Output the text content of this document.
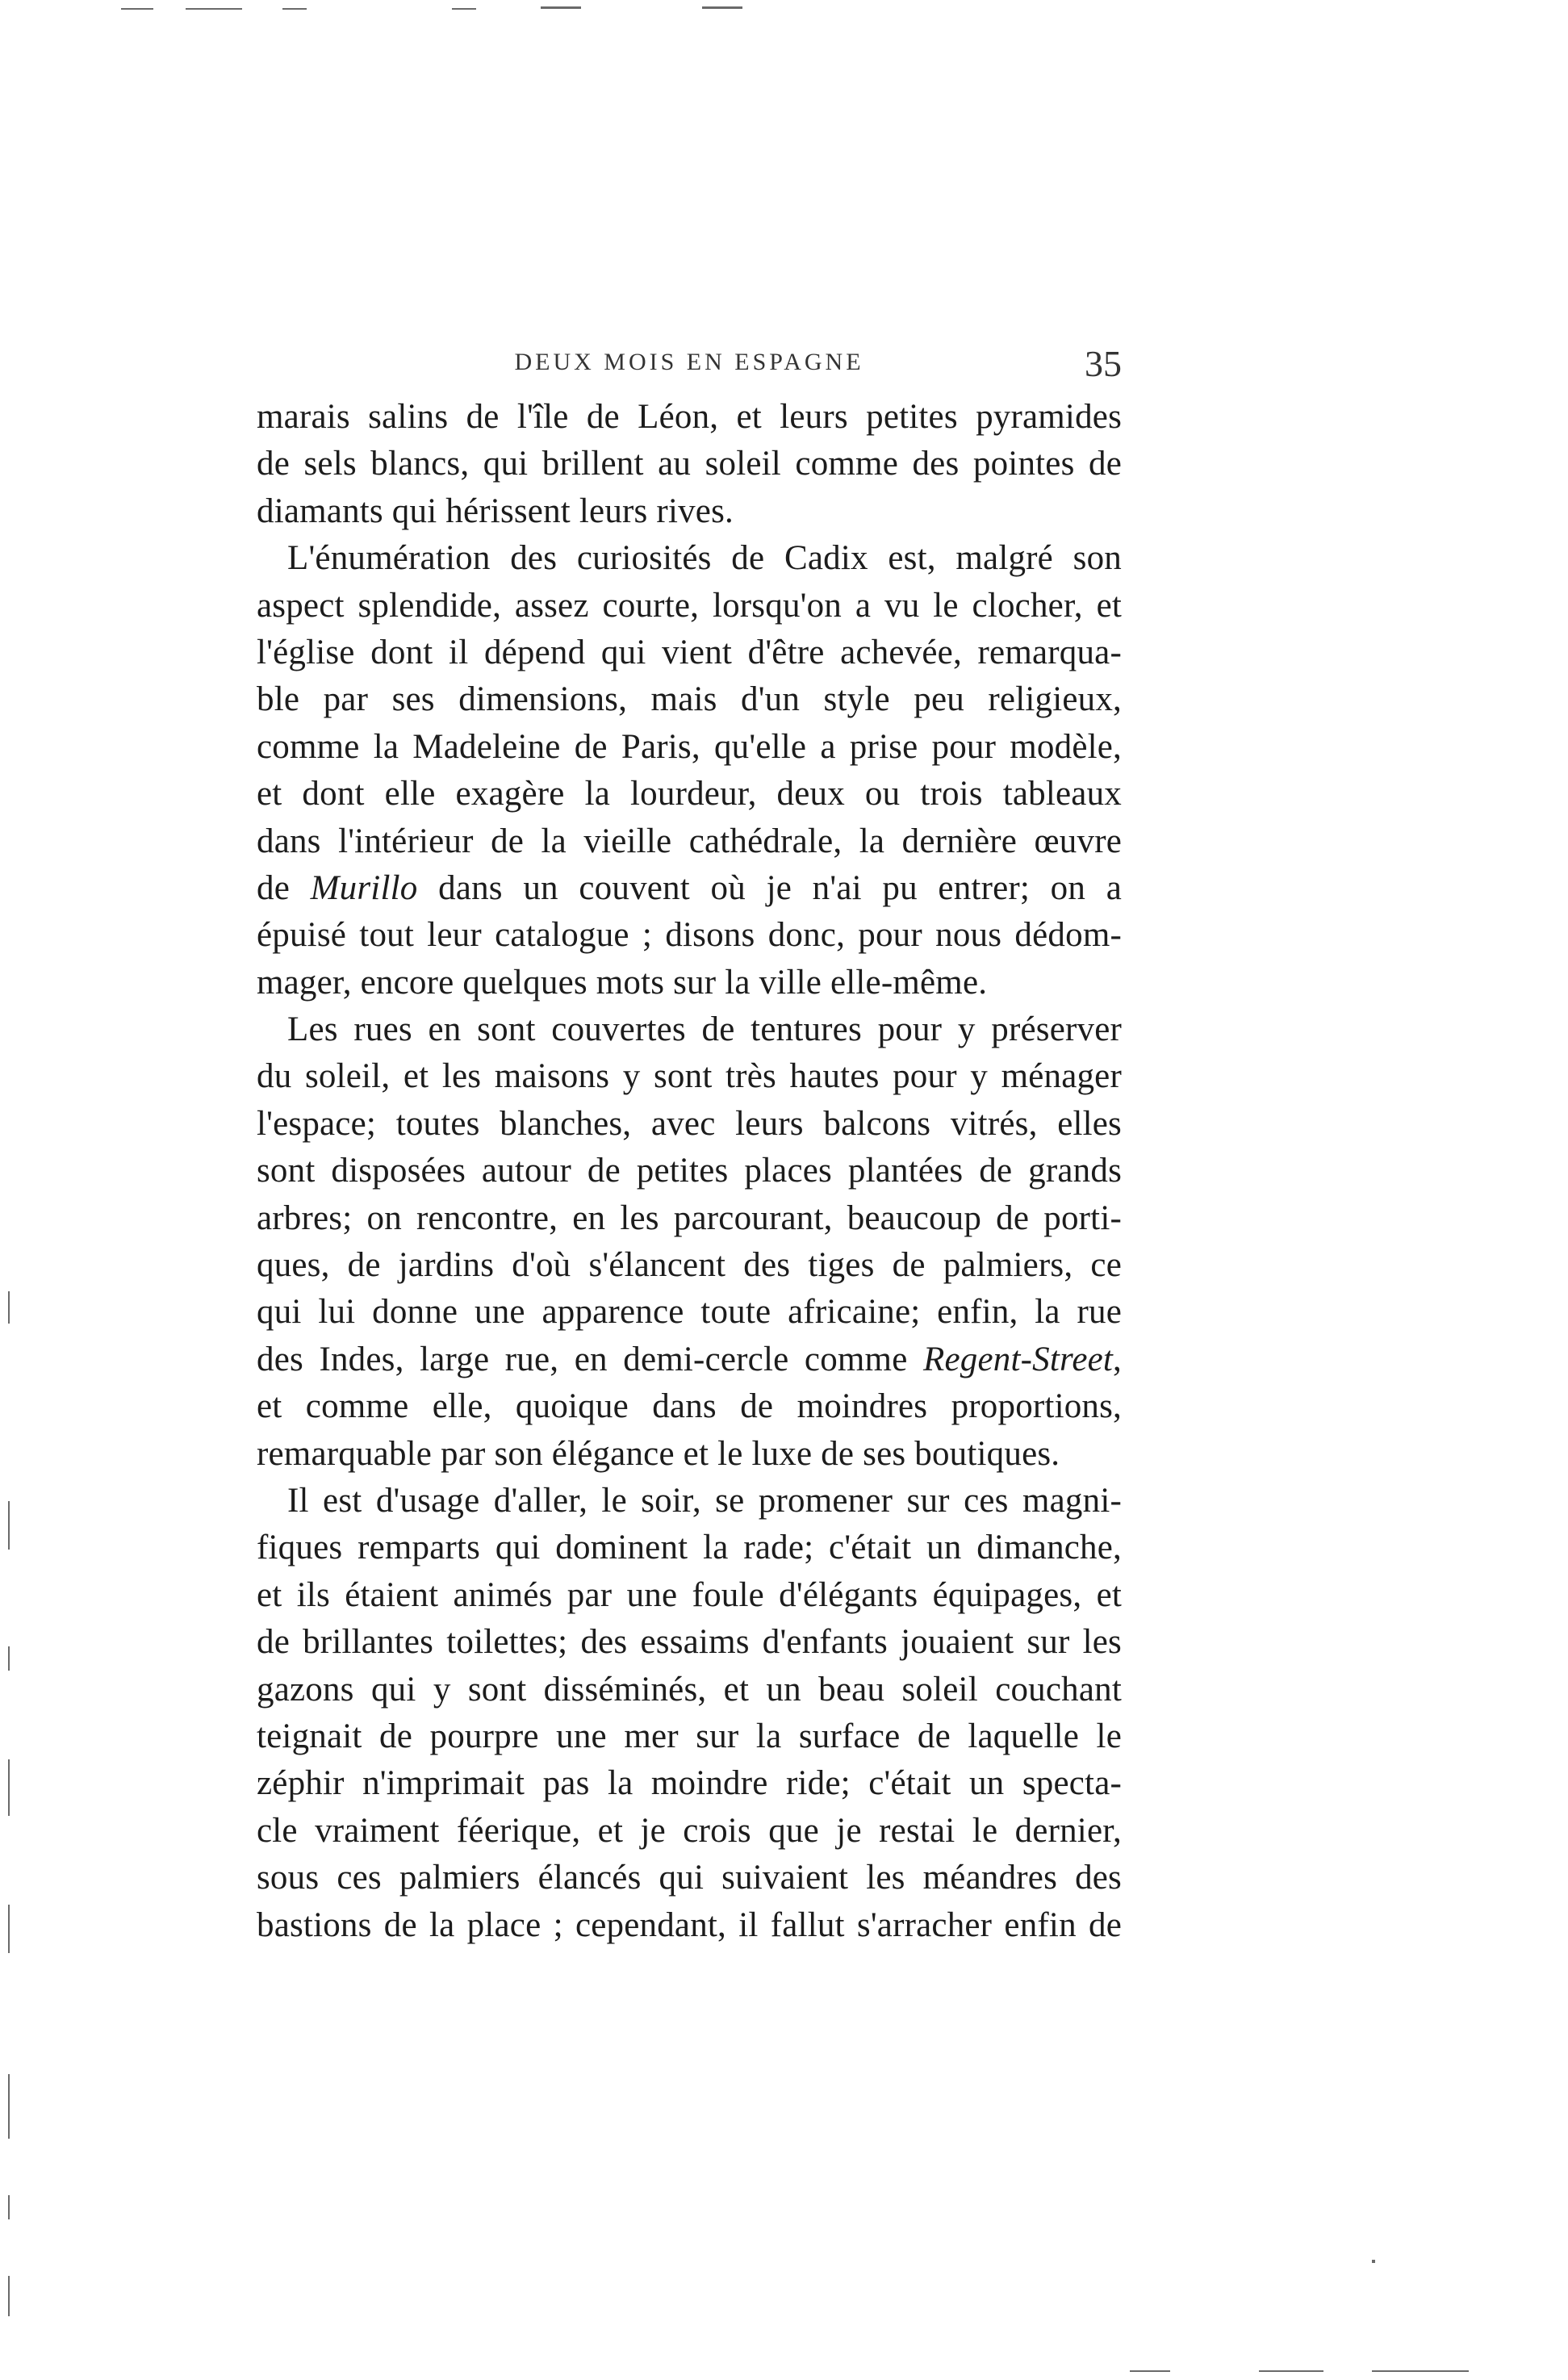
DEUX MOIS EN ESPAGNE	35
marais salins de l'île de Léon, et leurs petites pyramides
de sels blancs, qui brillent au soleil comme des pointes de
diamants qui hérissent leurs rives.
L'énumération des curiosités de Cadix est, malgré son
aspect splendide, assez courte, lorsqu'on a vu le clocher, et
l'église dont il dépend qui vient d'être achevée, remarqua-
ble par ses dimensions, mais d'un style peu religieux,
comme la Madeleine de Paris, qu'elle a prise pour modèle,
et dont elle exagère la lourdeur, deux ou trois tableaux
dans l'intérieur de la vieille cathédrale, la dernière œuvre
de Murillo dans un couvent où je n'ai pu entrer; on a
épuisé tout leur catalogue ; disons donc, pour nous dédom-
mager, encore quelques mots sur la ville elle-même.
Les rues en sont couvertes de tentures pour y préserver
du soleil, et les maisons y sont très hautes pour y ménager
l'espace; toutes blanches, avec leurs balcons vitrés, elles
sont disposées autour de petites places plantées de grands
arbres; on rencontre, en les parcourant, beaucoup de porti-
ques, de jardins d'où s'élancent des tiges de palmiers, ce
qui lui donne une apparence toute africaine; enfin, la rue
des Indes, large rue, en demi-cercle comme Regent-Street,
et comme elle, quoique dans de moindres proportions,
remarquable par son élégance et le luxe de ses boutiques.
Il est d'usage d'aller, le soir, se promener sur ces magni-
fiques remparts qui dominent la rade; c'était un dimanche,
et ils étaient animés par une foule d'élégants équipages, et
de brillantes toilettes; des essaims d'enfants jouaient sur les
gazons qui y sont disséminés, et un beau soleil couchant
teignait de pourpre une mer sur la surface de laquelle le
zéphir n'imprimait pas la moindre ride; c'était un specta-
cle vraiment féerique, et je crois que je restai le dernier,
sous ces palmiers élancés qui suivaient les méandres des
bastions de la place ; cependant, il fallut s'arracher enfin de
